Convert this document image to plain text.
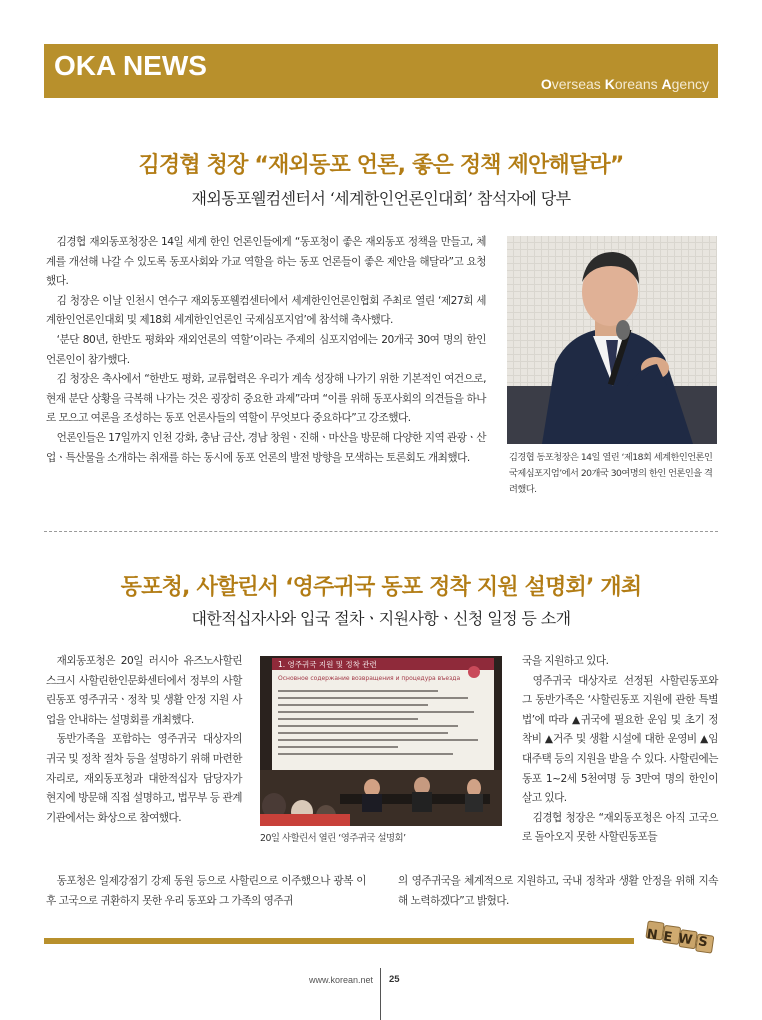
OKA NEWS
Overseas Koreans Agency
김경협 청장 “재외동포 언론, 좋은 정책 제안해달라”
재외동포웰컴센터서 ‘세계한인언론인대회’ 참석자에 당부

김경협 재외동포청장은 14일 세계 한인 언론인들에게 “동포청이 좋은 재외동포 정책을 만들고, 체계를 개선해 나갈 수 있도록 동포사회와 가교 역할을 하는 동포 언론들이 좋은 제안을 해달라”고 요청했다.

김 청장은 이날 인천시 연수구 재외동포웰컴센터에서 세계한인언론인협회 주최로 열린 ‘제27회 세계한인언론인대회 및 제18회 세계한인언론인 국제심포지엄’에 참석해 축사했다.

‘분단 80년, 한반도 평화와 재외언론의 역할’이라는 주제의 심포지엄에는 20개국 30여 명의 한인 언론인이 참가했다.

김 청장은 축사에서 “한반도 평화, 교류협력은 우리가 계속 성장해 나가기 위한 기본적인 여건으로, 현재 분단 상황을 극복해 나가는 것은 굉장히 중요한 과제”라며 “이를 위해 동포사회의 의견들을 하나로 모으고 여론을 조성하는 동포 언론사들의 역할이 무엇보다 중요하다”고 강조했다.

언론인들은 17일까지 인천 강화, 충남 금산, 경남 창원ㆍ진해ㆍ마산을 방문해 다양한 지역 관광ㆍ산업ㆍ특산물을 소개하는 취재를 하는 동시에 동포 언론의 발전 방향을 모색하는 토론회도 개최했다.	김경협 동포청장은 14일 열린 ‘제18회 세계한인언론인 국제심포지엄’에서 20개국 30여명의 한인 언론인을 격려했다.
동포청, 사할린서 ‘영주귀국 동포 정착 지원 설명회’ 개최
대한적십자사와 입국 절차ㆍ지원사항ㆍ신청 일정 등 소개

재외동포청은 20일 러시아 유즈노사할린스크시 사할린한인문화센터에서 정부의 사할린동포 영주귀국ㆍ정착 및 생활 안정 지원 사업을 안내하는 설명회를 개최했다.

동반가족을 포함하는 영주귀국 대상자의 귀국 및 정착 절차 등을 설명하기 위해 마련한 자리로, 재외동포청과 대한적십자 담당자가 현지에 방문해 직접 설명하고, 법무부 등 관계기관에서는 화상으로 참여했다.

1. 영주귀국 지원 및 정착 관련
Основное содержание возвращения и процедура въезда
20일 사할린서 열린 ‘영주귀국 설명회’

국을 지원하고 있다.

영주귀국 대상자로 선정된 사할린동포와 그 동반가족은 ‘사할린동포 지원에 관한 특별법’에 따라 ▲귀국에 필요한 운임 및 초기 정착비 ▲거주 및 생활 시설에 대한 운영비 ▲임대주택 등의 지원을 받을 수 있다. 사할린에는 동포 1~2세 5천여명 등 3만여 명의 한인이 살고 있다.

김경협 청장은 “재외동포청은 아직 고국으로 돌아오지 못한 사할린동포들

동포청은 일제강점기 강제 동원 등으로 사할린으로 이주했으나 광복 이후 고국으로 귀환하지 못한 우리 동포와 그 가족의 영주귀

의 영주귀국을 체계적으로 지원하고, 국내 정착과 생활 안정을 위해 지속해 노력하겠다”고 밝혔다.

NEWS
www.korean.net 25
